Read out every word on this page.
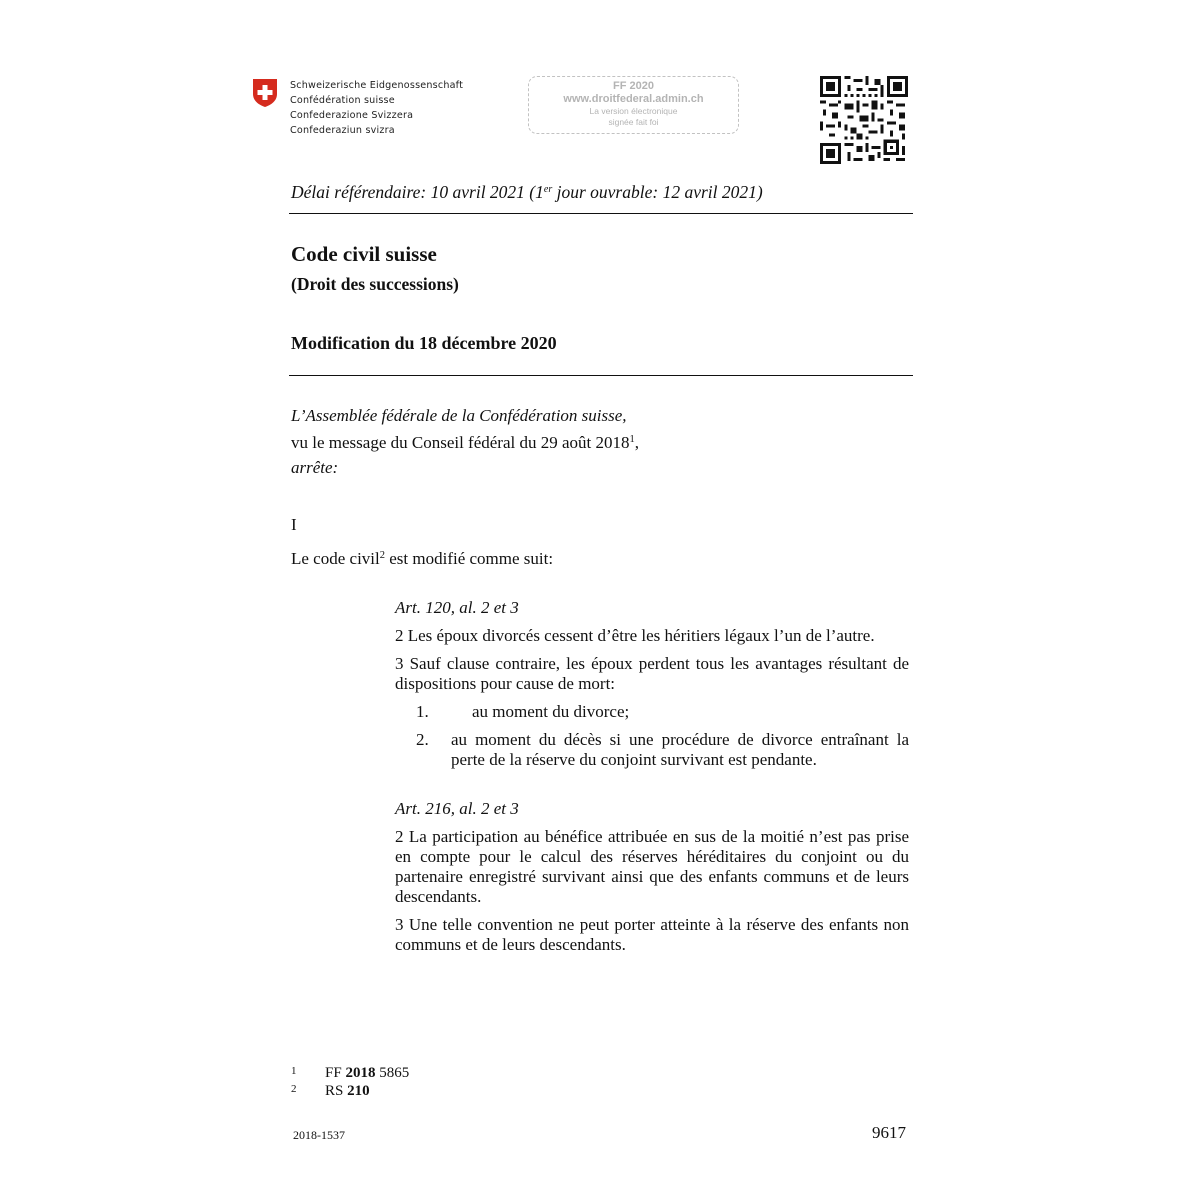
Schweizerische Eidgenossenschaft
Confédération suisse
Confederazione Svizzera
Confederaziun svizra
FF 2020
www.droitfederal.admin.ch
La version électronique
signée fait foi
Délai référendaire: 10 avril 2021 (1er jour ouvrable: 12 avril 2021)
Code civil suisse
(Droit des successions)
Modification du 18 décembre 2020
L’Assemblée fédérale de la Confédération suisse,
vu le message du Conseil fédéral du 29 août 2018$^1$,
arrête:
I
Le code civil$^2$ est modifié comme suit:

Art. 120, al. 2 et 3

2 Les époux divorcés cessent d’être les héritiers légaux l’un de l’autre.

3 Sauf clause contraire, les époux perdent tous les avantages résultant de dispositions pour cause de mort:

1.	au moment du divorce;
2.	au moment du décès si une procédure de divorce entraînant la perte de la réserve du conjoint survivant est pendante.

Art. 216, al. 2 et 3

2 La participation au bénéfice attribuée en sus de la moitié n’est pas prise en compte pour le calcul des réserves héréditaires du conjoint ou du partenaire enregistré survivant ainsi que des enfants communs et de leurs descendants.

3 Une telle convention ne peut porter atteinte à la réserve des enfants non communs et de leurs descendants.

1 FF 2018 5865
2 RS 210
2018-1537	9617
